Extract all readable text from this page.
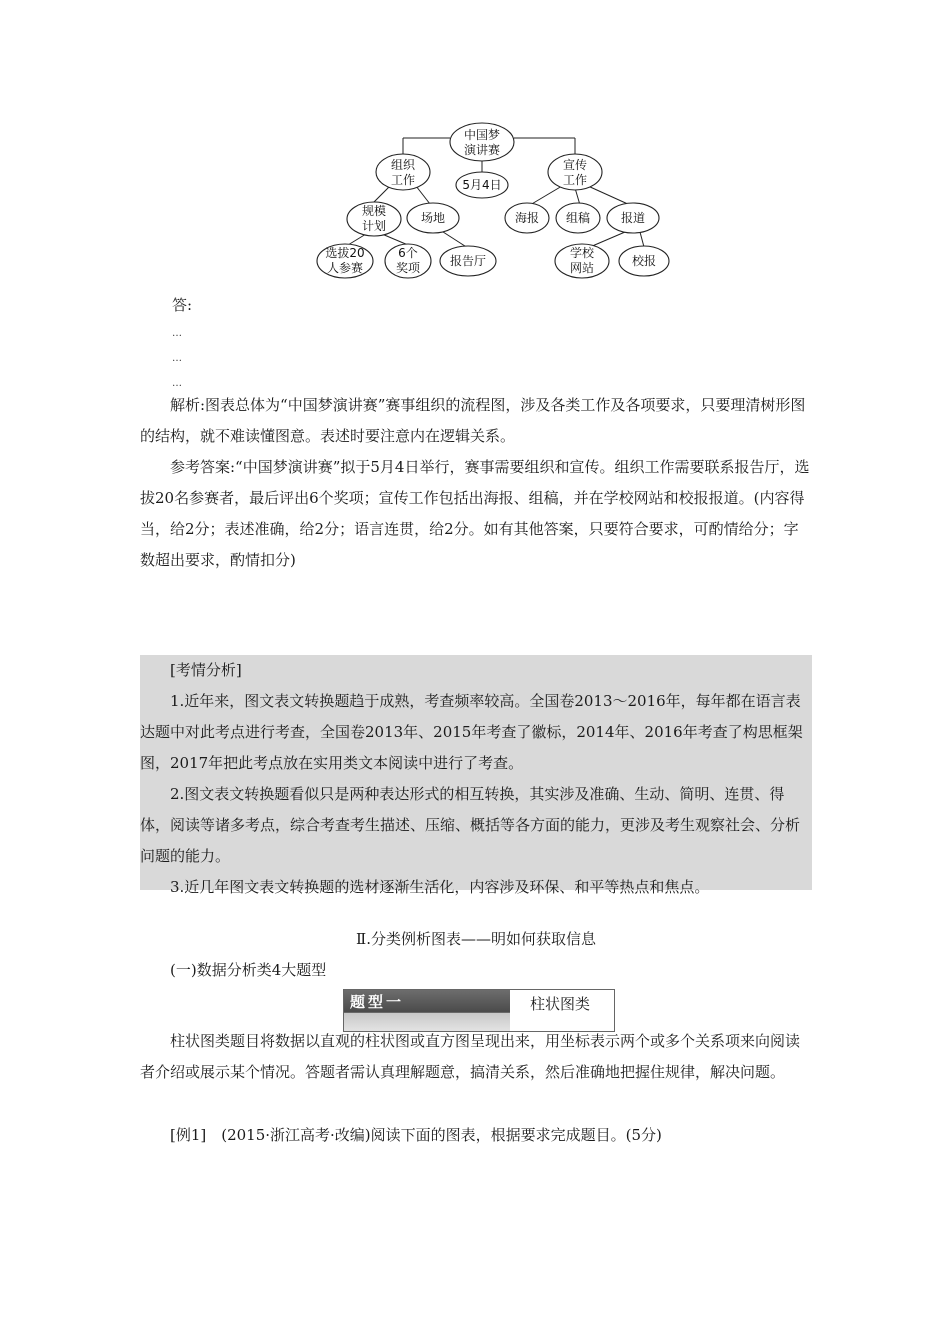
中国梦
演讲赛
5月4日
组织
工作
宣传
工作
规模
计划
场地	海报 组稿	报道
选拔20
人参赛
6个
奖项 报告厅
学校
网站	校报

答:

…
…
…

解析:图表总体为“中国梦演讲赛”赛事组织的流程图，涉及各类工作及各项要求，只要理清树形图的结构，就不难读懂图意。表述时要注意内在逻辑关系。

参考答案:“中国梦演讲赛”拟于5月4日举行，赛事需要组织和宣传。组织工作需要联系报告厅，选拔20名参赛者，最后评出6个奖项；宣传工作包括出海报、组稿，并在学校网站和校报报道。(内容得当，给2分；表述准确，给2分；语言连贯，给2分。如有其他答案，只要符合要求，可酌情给分；字数超出要求，酌情扣分)

[考情分析]

1.近年来，图文表文转换题趋于成熟，考查频率较高。全国卷2013～2016年，每年都在语言表达题中对此考点进行考查，全国卷2013年、2015年考查了徽标，2014年、2016年考查了构思框架图，2017年把此考点放在实用类文本阅读中进行了考查。

2.图文表文转换题看似只是两种表达形式的相互转换，其实涉及准确、生动、简明、连贯、得体，阅读等诸多考点，综合考查考生描述、压缩、概括等各方面的能力，更涉及考生观察社会、分析问题的能力。

3.近几年图文表文转换题的选材逐渐生活化，内容涉及环保、和平等热点和焦点。

Ⅱ.分类例析图表——明如何获取信息

(一)数据分析类4大题型

题型一	柱状图类

柱状图类题目将数据以直观的柱状图或直方图呈现出来，用坐标表示两个或多个关系项来向阅读者介绍或展示某个情况。答题者需认真理解题意，搞清关系，然后准确地把握住规律，解决问题。

[例1]　(2015·浙江高考·改编)阅读下面的图表，根据要求完成题目。(5分)
